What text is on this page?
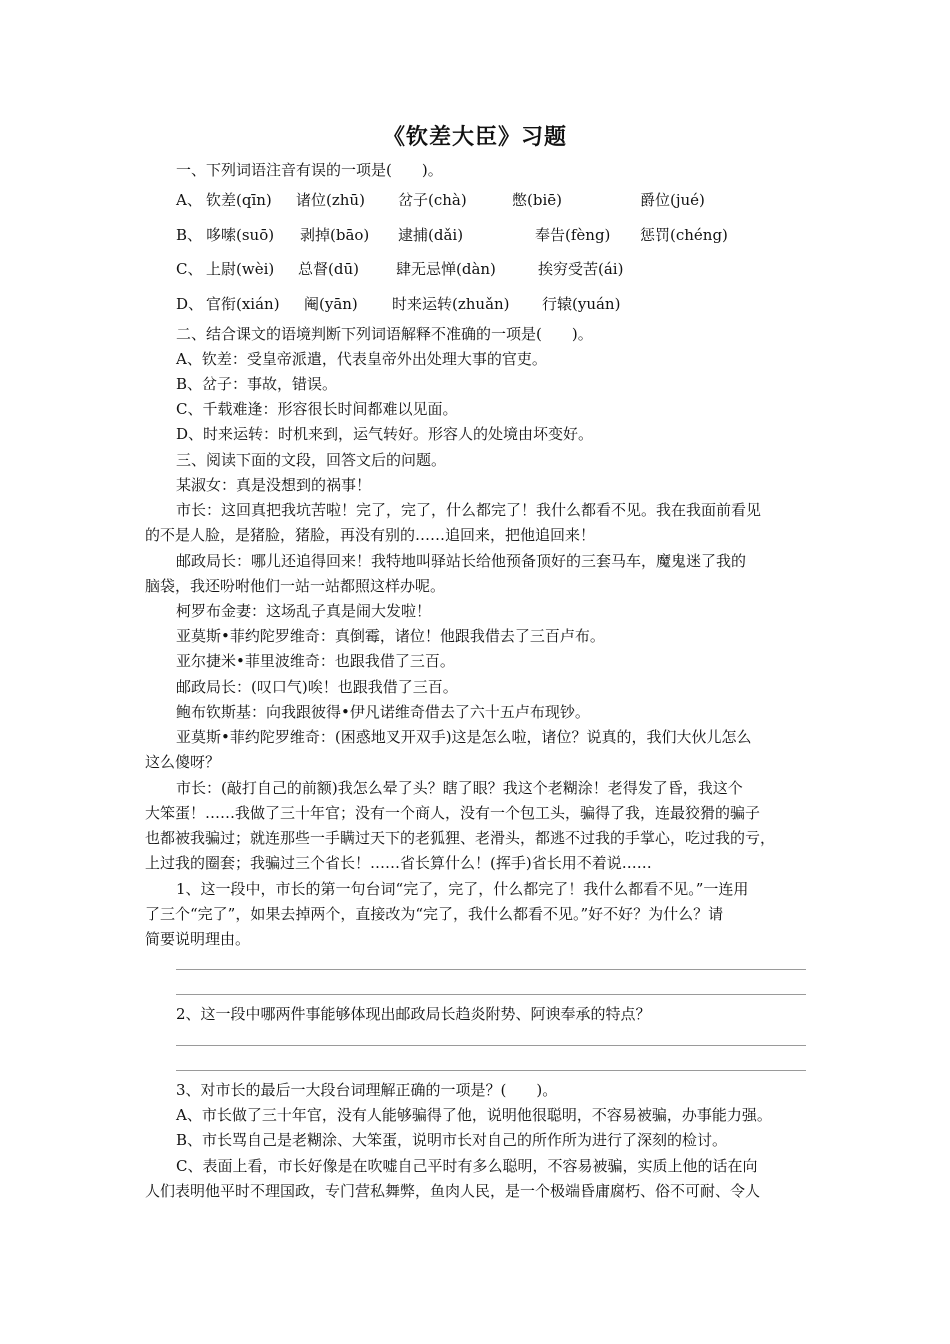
《钦差大臣》习题
一、下列词语注音有误的一项是(　　)。
A、 钦差(qīn) 诸位(zhū) 岔子(chà)	憋(biē)	爵位(jué)
B、 哆嗦(suō) 剥掉(bāo) 逮捕(dǎi)	奉告(fèng) 惩罚(chéng)
C、 上尉(wèi) 总督(dū) 肆无忌惮(dàn)	挨穷受苦(ái)
D、 官衔(xián) 阉(yān) 时来运转(zhuǎn) 行辕(yuán)
二、结合课文的语境判断下列词语解释不准确的一项是(　　)。
A、钦差：受皇帝派遣，代表皇帝外出处理大事的官吏。
B、岔子：事故，错误。
C、千载难逢：形容很长时间都难以见面。
D、时来运转：时机来到，运气转好。形容人的处境由坏变好。
三、阅读下面的文段，回答文后的问题。
某淑女：真是没想到的祸事！
市长：这回真把我坑苦啦！完了，完了，什么都完了！我什么都看不见。我在我面前看见
的不是人脸，是猪脸，猪脸，再没有别的……追回来，把他追回来！
邮政局长：哪儿还追得回来！我特地叫驿站长给他预备顶好的三套马车，魔鬼迷了我的
脑袋，我还吩咐他们一站一站都照这样办呢。
柯罗布金妻：这场乱子真是闹大发啦！
亚莫斯•菲约陀罗维奇：真倒霉，诸位！他跟我借去了三百卢布。
亚尔捷米•菲里波维奇：也跟我借了三百。
邮政局长：(叹口气)唉！也跟我借了三百。
鲍布钦斯基：向我跟彼得•伊凡诺维奇借去了六十五卢布现钞。
亚莫斯•菲约陀罗维奇：(困惑地叉开双手)这是怎么啦，诸位？说真的，我们大伙儿怎么
这么傻呀？
市长：(敲打自己的前额)我怎么晕了头？瞎了眼？我这个老糊涂！老得发了昏，我这个
大笨蛋！……我做了三十年官；没有一个商人，没有一个包工头，骗得了我，连最狡猾的骗子
也都被我骗过；就连那些一手瞒过天下的老狐狸、老滑头，都逃不过我的手掌心，吃过我的亏，
上过我的圈套；我骗过三个省长！……省长算什么！(挥手)省长用不着说……
1、这一段中，市长的第一句台词“完了，完了，什么都完了！我什么都看不见。”一连用
了三个“完了”，如果去掉两个，直接改为“完了，我什么都看不见。”好不好？为什么？请
简要说明理由。
2、这一段中哪两件事能够体现出邮政局长趋炎附势、阿谀奉承的特点？
3、对市长的最后一大段台词理解正确的一项是？(　　)。
A、市长做了三十年官，没有人能够骗得了他，说明他很聪明，不容易被骗，办事能力强。
B、市长骂自己是老糊涂、大笨蛋，说明市长对自己的所作所为进行了深刻的检讨。
C、表面上看，市长好像是在吹嘘自己平时有多么聪明，不容易被骗，实质上他的话在向
人们表明他平时不理国政，专门营私舞弊，鱼肉人民，是一个极端昏庸腐朽、俗不可耐、令人
